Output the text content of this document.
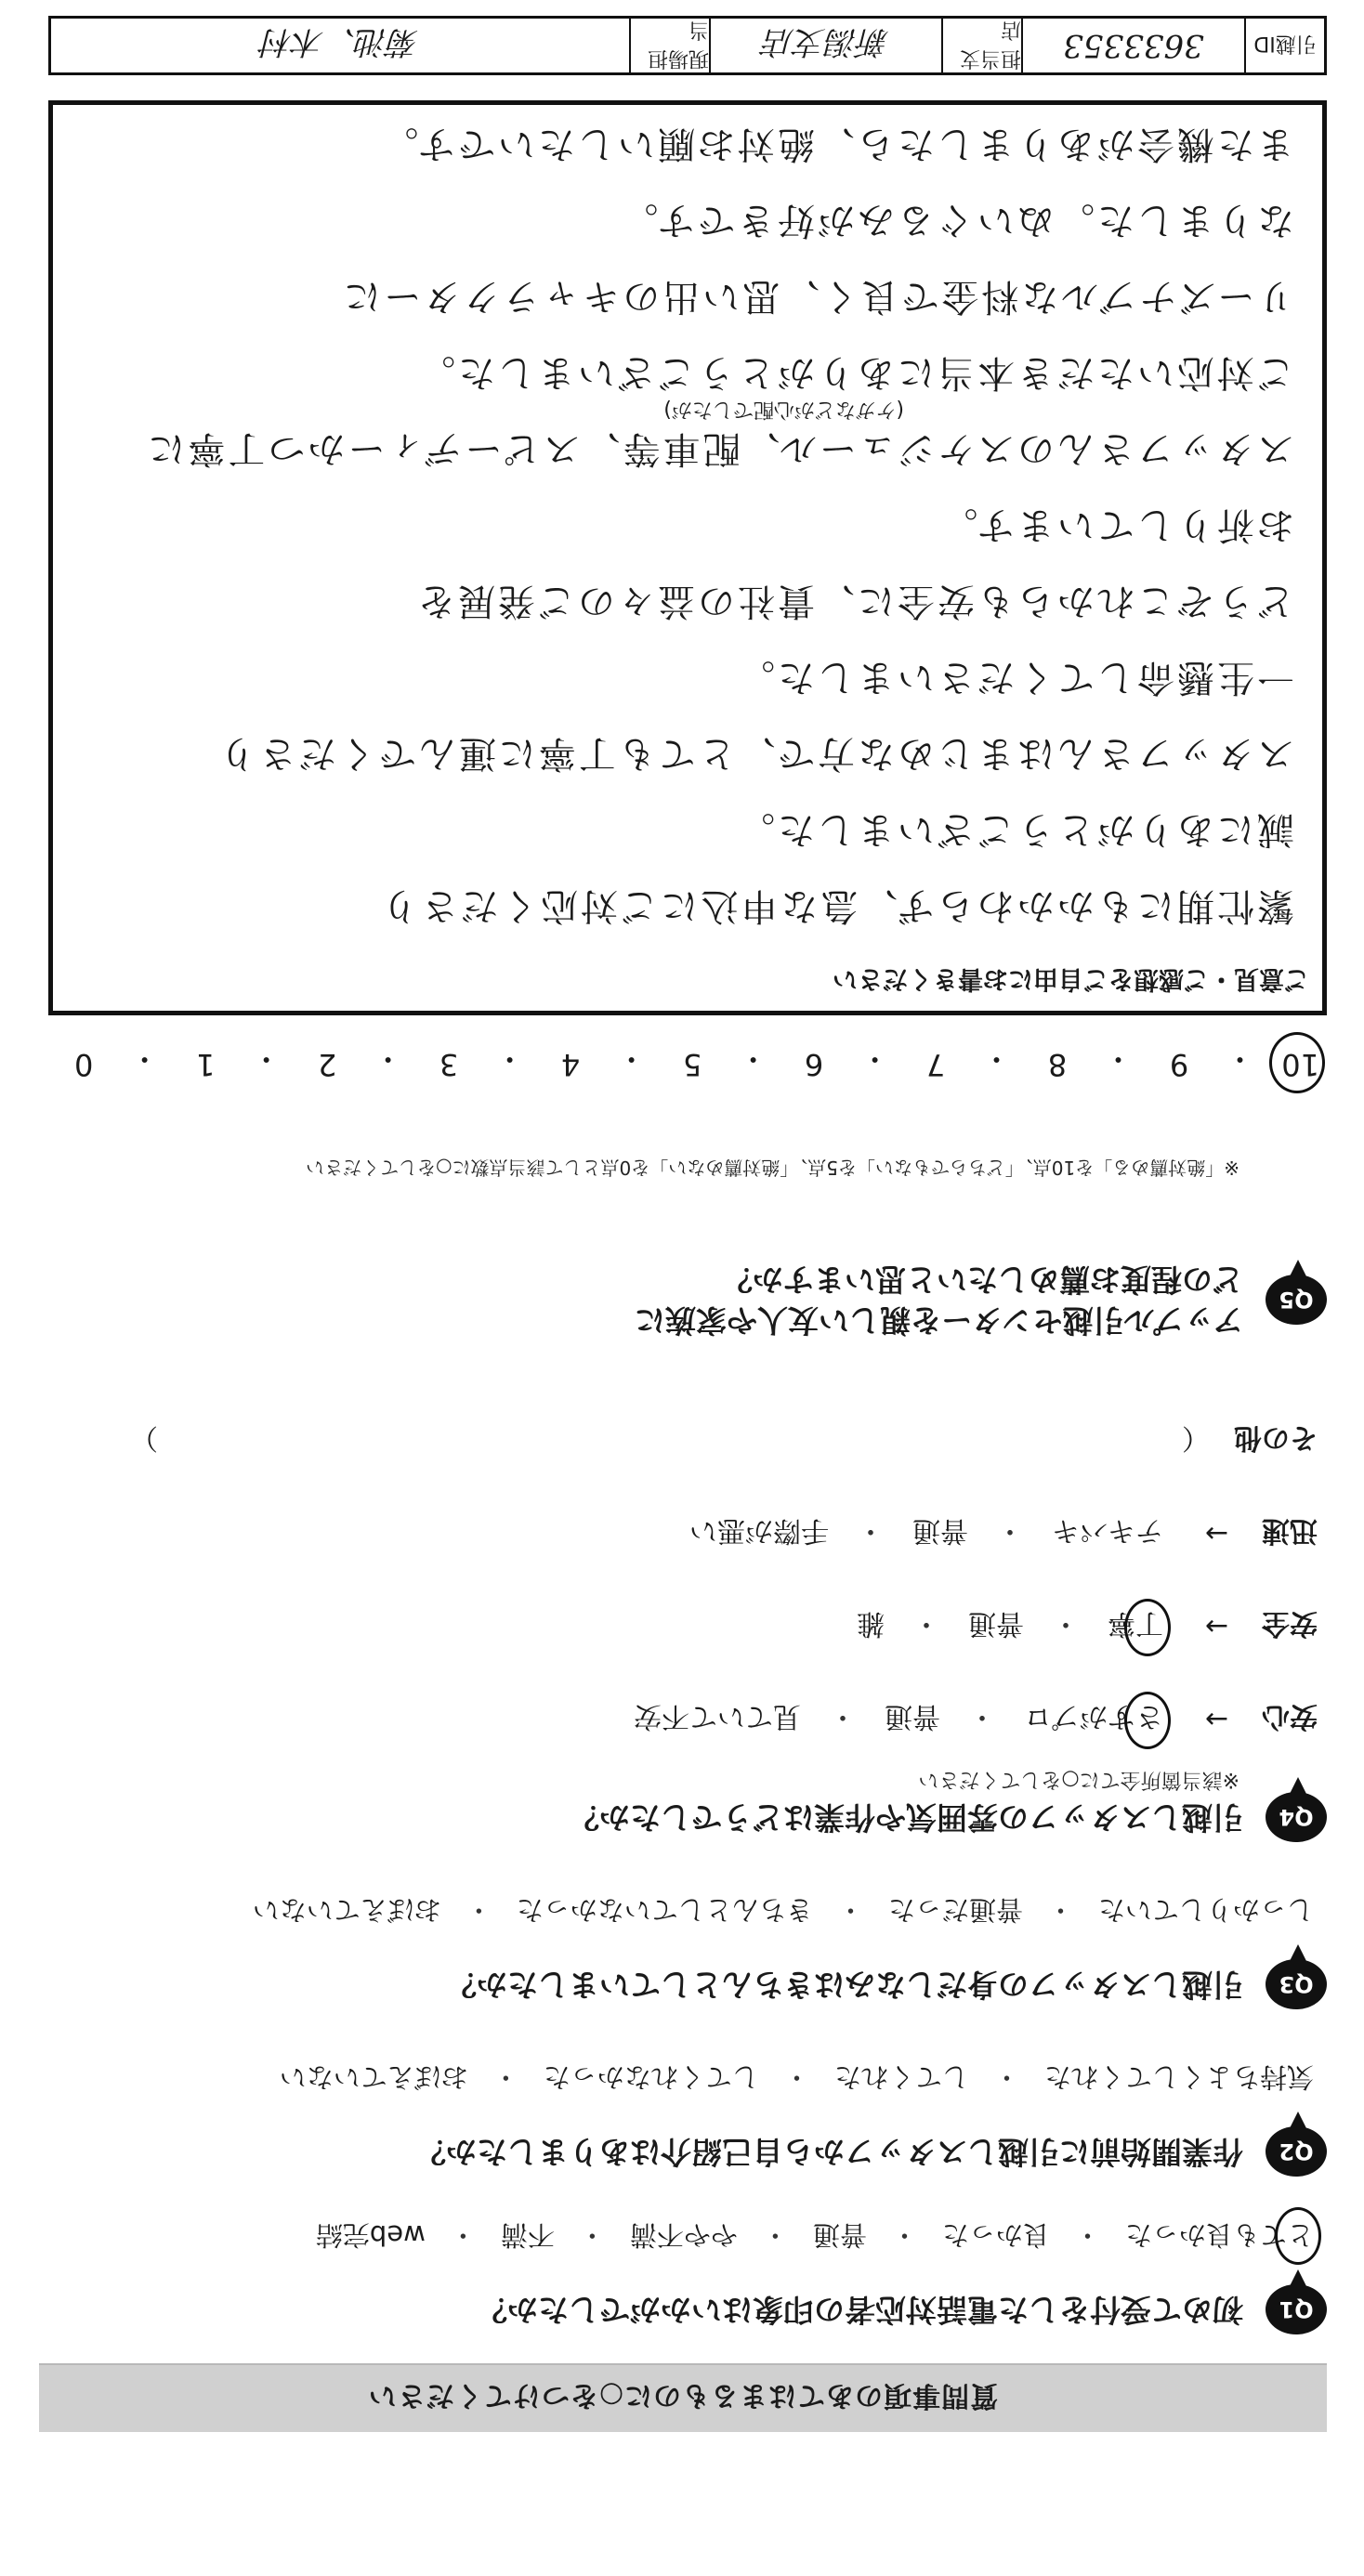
質問事項のあてはまるものに○をつけてください
Q1
初めて受付をした電話対応者の印象はいかがでしたか？
とても良かった
・
良かった
・
普通
・
やや不満
・
不満
・
web完結
Q2
作業開始前に引越しスタッフから自己紹介はありましたか？
気持ちよくしてくれた
・
してくれた
・
してくれなかった
・
おぼえていない
Q3
引越しスタッフの身だしなみはきちんとしていましたか？
しっかりしていた
・
普通だった
・
きちんとしていなかった
・
おぼえていない
Q4
引越しスタッフの雰囲気や作業はどうでしたか？
※該当箇所全てに○をしてください
安心
→
さすがプロ
・
普通
・
見ていて不安
安全
→
丁寧
・
普通
・
雑
迅速
→
テキパキ
・
普通
・
手際が悪い
その他
（
）
Q5
アップル引越センターを親しい友人や家族に
どの程度お薦めしたいと思いますか？
※「絶対薦める」を10点、「どちらでもない」を5点、「絶対薦めない」を0点として該当点数に○をしてください
10
・
9
・
8
・
7
・
6
・
5
・
4
・
3
・
2
・
1
・
0
ご意見・ご感想をご自由にお書きください
繁忙期にもかかわらず、急な申込にご対応くださり
誠にありがとうございました。
スタッフさんはまじめな方で、とても丁寧に運んでくださり
一生懸命してくださいました。
どうぞこれからも安全に、貴社の益々のご発展を
お祈りしています。
スタッフさんのスケジュール、配車等、スピーディーかつ丁寧に
(ケガなどが心配でしたが)
ご対応いただき本当にありがとうございました。
リーズナブルな料金で良く、思い出のキャラクターに
なりました。ぬいぐるみが好きです。
また機会がありましたら、絶対お願いしたいです。
引越ID
3633353
担当支店
新潟支店
現場担当
菊池、木村
